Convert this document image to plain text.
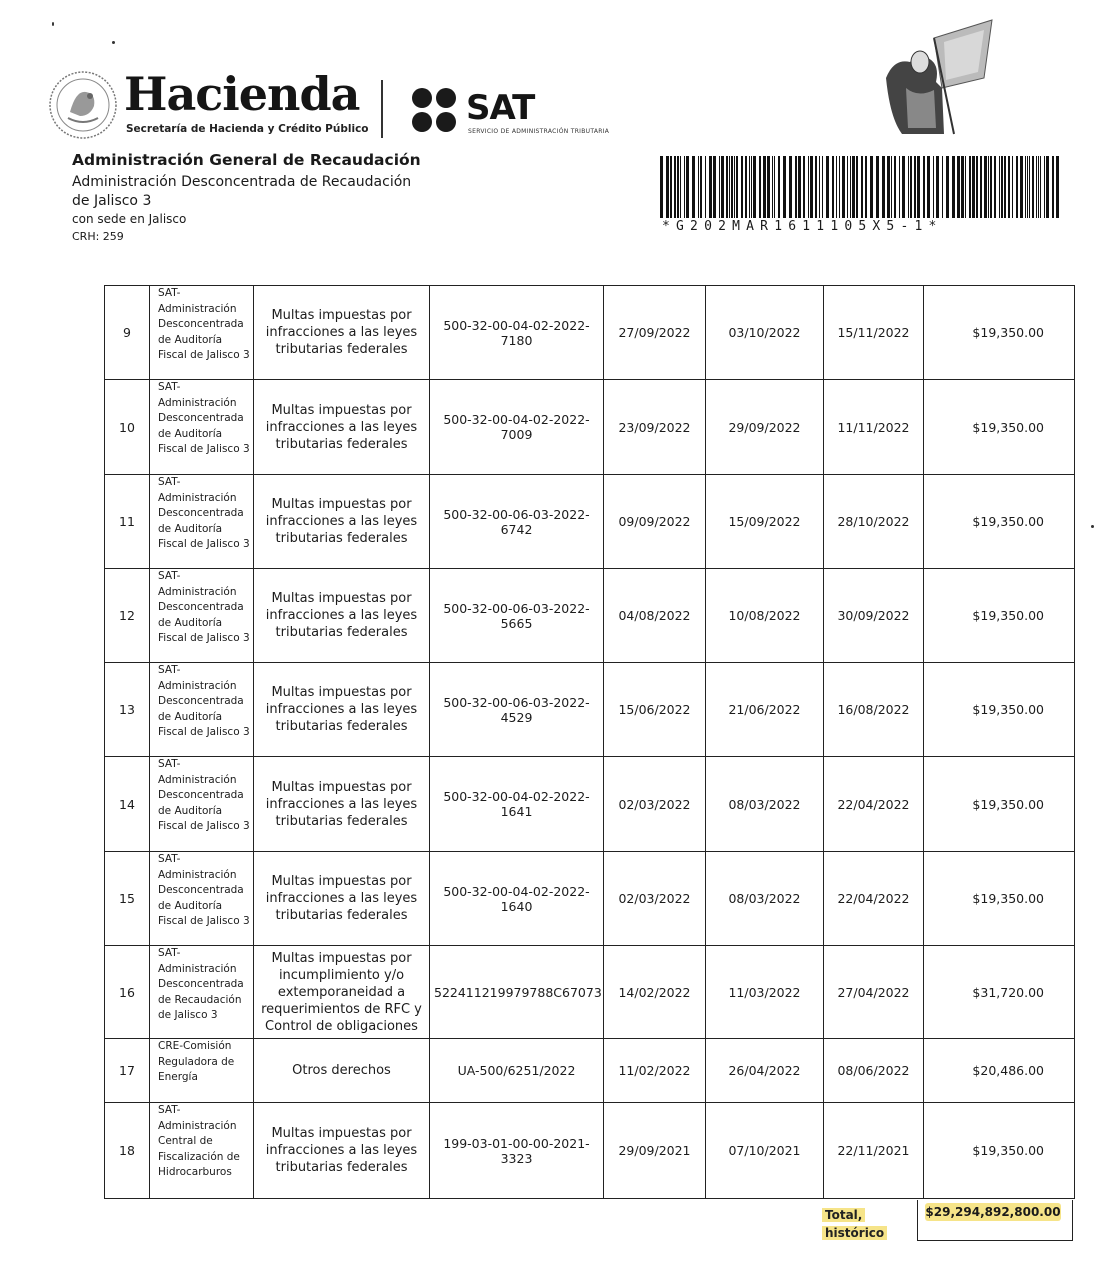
Hacienda
Secretaría de Hacienda y Crédito Público
SAT
SERVICIO DE ADMINISTRACIÓN TRIBUTARIA
*G202MAR1611105X5-1*
Administración General de Recaudación
Administración Desconcentrada de Recaudación de Jalisco 3
con sede en Jalisco
CRH: 259
9	SAT-
Administración
Desconcentrada
de Auditoría
Fiscal de Jalisco 3	Multas impuestas por infracciones a las leyes tributarias federales	500-32-00-04-02-2022-7180	27/09/2022	03/10/2022	15/11/2022	$19,350.00
10	SAT-
Administración
Desconcentrada
de Auditoría
Fiscal de Jalisco 3	Multas impuestas por infracciones a las leyes tributarias federales	500-32-00-04-02-2022-7009	23/09/2022	29/09/2022	11/11/2022	$19,350.00
11	SAT-
Administración
Desconcentrada
de Auditoría
Fiscal de Jalisco 3	Multas impuestas por infracciones a las leyes tributarias federales	500-32-00-06-03-2022-6742	09/09/2022	15/09/2022	28/10/2022	$19,350.00
12	SAT-
Administración
Desconcentrada
de Auditoría
Fiscal de Jalisco 3	Multas impuestas por infracciones a las leyes tributarias federales	500-32-00-06-03-2022-5665	04/08/2022	10/08/2022	30/09/2022	$19,350.00
13	SAT-
Administración
Desconcentrada
de Auditoría
Fiscal de Jalisco 3	Multas impuestas por infracciones a las leyes tributarias federales	500-32-00-06-03-2022-4529	15/06/2022	21/06/2022	16/08/2022	$19,350.00
14	SAT-
Administración
Desconcentrada
de Auditoría
Fiscal de Jalisco 3	Multas impuestas por infracciones a las leyes tributarias federales	500-32-00-04-02-2022-1641	02/03/2022	08/03/2022	22/04/2022	$19,350.00
15	SAT-
Administración
Desconcentrada
de Auditoría
Fiscal de Jalisco 3	Multas impuestas por infracciones a las leyes tributarias federales	500-32-00-04-02-2022-1640	02/03/2022	08/03/2022	22/04/2022	$19,350.00
16	SAT-
Administración
Desconcentrada
de Recaudación
de Jalisco 3	Multas impuestas por incumplimiento y/o extemporaneidad a requerimientos de RFC y Control de obligaciones	522411219979788C67073	14/02/2022	11/03/2022	27/04/2022	$31,720.00
17	CRE-Comisión
Reguladora de
Energía	Otros derechos	UA-500/6251/2022	11/02/2022	26/04/2022	08/06/2022	$20,486.00
18	SAT-
Administración
Central de
Fiscalización de
Hidrocarburos	Multas impuestas por infracciones a las leyes tributarias federales	199-03-01-00-00-2021-3323	29/09/2021	07/10/2021	22/11/2021	$19,350.00
Total,
histórico
$29,294,892,800.00
